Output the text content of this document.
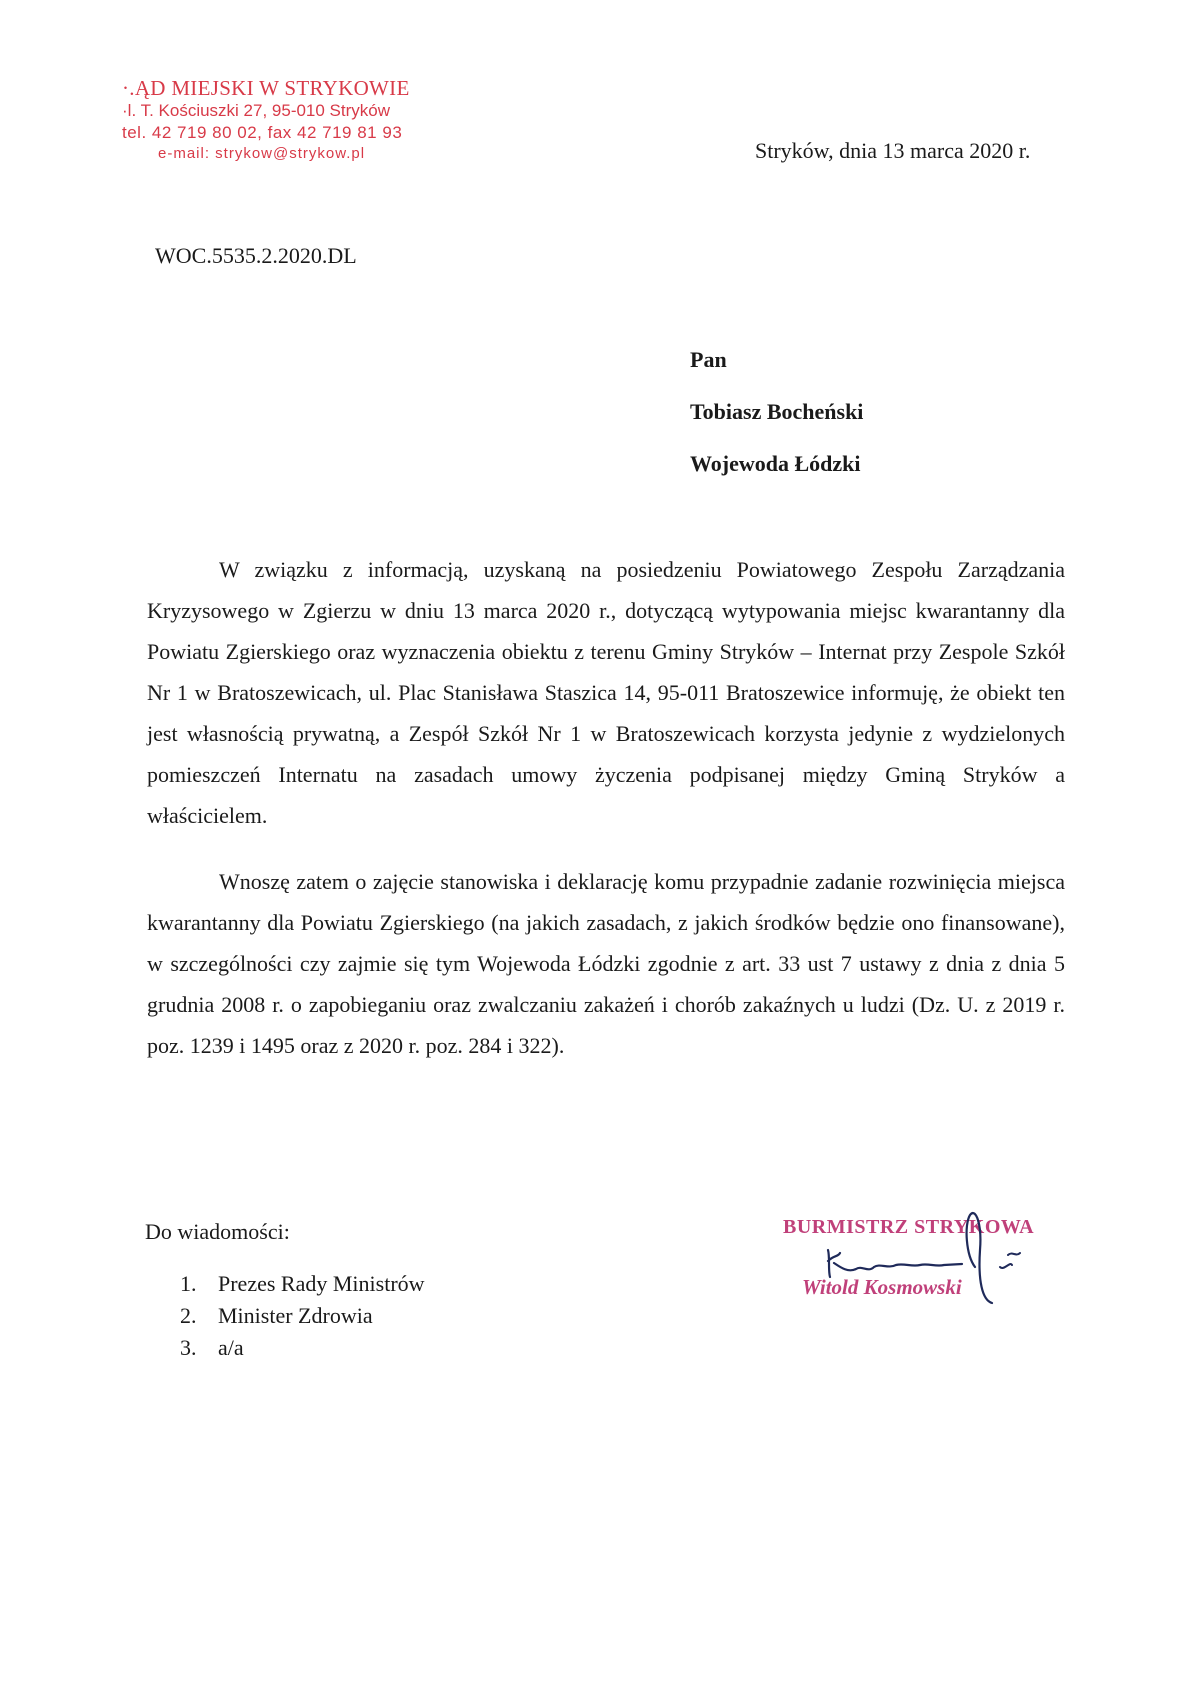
·.ĄD MIEJSKI W STRYKOWIE
·l. T. Kościuszki 27, 95-010 Stryków
tel. 42 719 80 02, fax 42 719 81 93
e-mail: strykow@strykow.pl	Stryków, dnia 13 marca 2020 r.
WOC.5535.2.2020.DL
Pan
Tobiasz Bocheński
Wojewoda Łódzki

W związku z informacją, uzyskaną na posiedzeniu Powiatowego Zespołu Zarządzania Kryzysowego w Zgierzu w dniu 13 marca 2020 r., dotyczącą wytypowania miejsc kwarantanny dla Powiatu Zgierskiego oraz wyznaczenia obiektu z terenu Gminy Stryków – Internat przy Zespole Szkół Nr 1 w Bratoszewicach, ul. Plac Stanisława Staszica 14, 95-011 Bratoszewice informuję, że obiekt ten jest własnością prywatną, a Zespół Szkół Nr 1 w Bratoszewicach korzysta jedynie z wydzielonych pomieszczeń Internatu na zasadach umowy życzenia podpisanej między Gminą Stryków a właścicielem.

Wnoszę zatem o zajęcie stanowiska i deklarację komu przypadnie zadanie rozwinięcia miejsca kwarantanny dla Powiatu Zgierskiego (na jakich zasadach, z jakich środków będzie ono finansowane), w szczególności czy zajmie się tym Wojewoda Łódzki zgodnie z art. 33 ust 7 ustawy z dnia z dnia 5 grudnia 2008 r. o zapobieganiu oraz zwalczaniu zakażeń i chorób zakaźnych u ludzi (Dz. U. z 2019 r. poz. 1239 i 1495 oraz z 2020 r. poz. 284 i 322).

Do wiadomości:
1. Prezes Rady Ministrów
2. Minister Zdrowia
3. a/a
BURMISTRZ STRYKOWA
Witold Kosmowski
